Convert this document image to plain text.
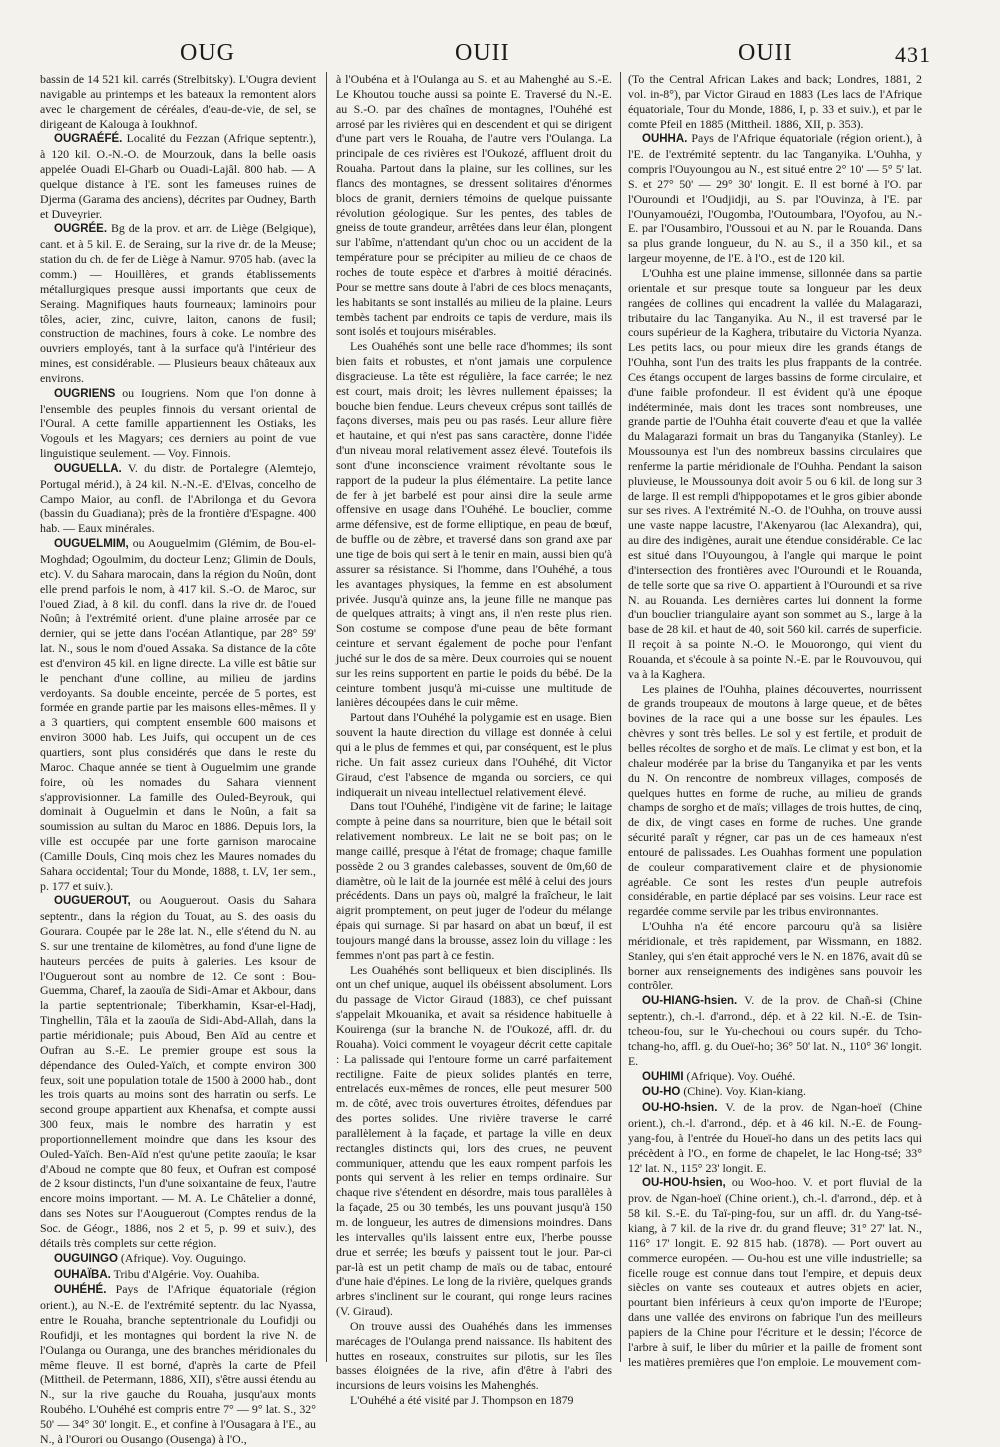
OUG	OUII	OUII	431

bassin de 14 521 kil. carrés (Strelbitsky). L'Ougra devient navigable au printemps et les bateaux la remontent alors avec le chargement de céréales, d'eau-de-vie, de sel, se dirigeant de Kalouga à Ioukhnof.

OUGRAÉFÉ. Localité du Fezzan (Afrique septentr.), à 120 kil. O.-N.-O. de Mourzouk, dans la belle oasis appelée Ouadi El-Gharb ou Ouadi-Lajâl. 800 hab. — A quelque distance à l'E. sont les fameuses ruines de Djerma (Garama des anciens), décrites par Oudney, Barth et Duveyrier.

OUGRÉE. Bg de la prov. et arr. de Liège (Belgique), cant. et à 5 kil. E. de Seraing, sur la rive dr. de la Meuse; station du ch. de fer de Liège à Namur. 9705 hab. (avec la comm.) — Houillères, et grands établissements métallurgiques presque aussi importants que ceux de Seraing. Magnifiques hauts fourneaux; laminoirs pour tôles, acier, zinc, cuivre, laiton, canons de fusil; construction de machines, fours à coke. Le nombre des ouvriers employés, tant à la surface qu'à l'intérieur des mines, est considérable. — Plusieurs beaux châteaux aux environs.

OUGRIENS ou Iougriens. Nom que l'on donne à l'ensemble des peuples finnois du versant oriental de l'Oural. A cette famille appartiennent les Ostiaks, les Vogouls et les Magyars; ces derniers au point de vue linguistique seulement. — Voy. Finnois.

OUGUELLA. V. du distr. de Portalegre (Alemtejo, Portugal mérid.), à 24 kil. N.-N.-E. d'Elvas, concelho de Campo Maior, au confl. de l'Abrilonga et du Gevora (bassin du Guadiana); près de la frontière d'Espagne. 400 hab. — Eaux minérales.

OUGUELMIM, ou Aouguelmim (Glémim, de Bou-el-Moghdad; Ogoulmim, du docteur Lenz; Glimin de Douls, etc). V. du Sahara marocain, dans la région du Noûn, dont elle prend parfois le nom, à 417 kil. S.-O. de Maroc, sur l'oued Ziad, à 8 kil. du confl. dans la rive dr. de l'oued Noûn; à l'extrémité orient. d'une plaine arrosée par ce dernier, qui se jette dans l'océan Atlantique, par 28° 59' lat. N., sous le nom d'oued Assaka. Sa distance de la côte est d'environ 45 kil. en ligne directe. La ville est bâtie sur le penchant d'une colline, au milieu de jardins verdoyants. Sa double enceinte, percée de 5 portes, est formée en grande partie par les maisons elles-mêmes. Il y a 3 quartiers, qui comptent ensemble 600 maisons et environ 3000 hab. Les Juifs, qui occupent un de ces quartiers, sont plus considérés que dans le reste du Maroc. Chaque année se tient à Ouguelmim une grande foire, où les nomades du Sahara viennent s'approvisionner. La famille des Ouled-Beyrouk, qui dominait à Ouguelmin et dans le Noûn, a fait sa soumission au sultan du Maroc en 1886. Depuis lors, la ville est occupée par une forte garnison marocaine (Camille Douls, Cinq mois chez les Maures nomades du Sahara occidental; Tour du Monde, 1888, t. LV, 1er sem., p. 177 et suiv.).

OUGUEROUT, ou Aouguerout. Oasis du Sahara septentr., dans la région du Touat, au S. des oasis du Gourara. Coupée par le 28e lat. N., elle s'étend du N. au S. sur une trentaine de kilomètres, au fond d'une ligne de hauteurs percées de puits à galeries. Les ksour de l'Ouguerout sont au nombre de 12. Ce sont : Bou-Guemma, Charef, la zaouïa de Sidi-Amar et Akbour, dans la partie septentrionale; Tiberkhamin, Ksar-el-Hadj, Tinghellin, Tâla et la zaouïa de Sidi-Abd-Allah, dans la partie méridionale; puis Aboud, Ben Aïd au centre et Oufran au S.-E. Le premier groupe est sous la dépendance des Ouled-Yaïch, et compte environ 300 feux, soit une population totale de 1500 à 2000 hab., dont les trois quarts au moins sont des harratin ou serfs. Le second groupe appartient aux Khenafsa, et compte aussi 300 feux, mais le nombre des harratin y est proportionnellement moindre que dans les ksour des Ouled-Yaïch. Ben-Aïd n'est qu'une petite zaouïa; le ksar d'Aboud ne compte que 80 feux, et Oufran est composé de 2 ksour distincts, l'un d'une soixantaine de feux, l'autre encore moins important. — M. A. Le Châtelier a donné, dans ses Notes sur l'Aouguerout (Comptes rendus de la Soc. de Géogr., 1886, nos 2 et 5, p. 99 et suiv.), des détails très complets sur cette région.

OUGUINGO (Afrique). Voy. Ouguingo.

OUHAÏBA. Tribu d'Algérie. Voy. Ouahiba.

OUHÉHÉ. Pays de l'Afrique équatoriale (région orient.), au N.-E. de l'extrémité septentr. du lac Nyassa, entre le Rouaha, branche septentrionale du Loufidji ou Roufidji, et les montagnes qui bordent la rive N. de l'Oulanga ou Ouranga, une des branches méridionales du même fleuve. Il est borné, d'après la carte de Pfeil (Mittheil. de Petermann, 1886, XII), s'être aussi étendu au N., sur la rive gauche du Rouaha, jusqu'aux monts Roubého. L'Ouhéhé est compris entre 7° — 9° lat. S., 32° 50' — 34° 30' longit. E., et confine à l'Ousagara à l'E., au N., à l'Ourori ou Ousango (Ousenga) à l'O.,

à l'Oubéna et à l'Oulanga au S. et au Mahenghé au S.-E. Le Khoutou touche aussi sa pointe E. Traversé du N.-E. au S.-O. par des chaînes de montagnes, l'Ouhéhé est arrosé par les rivières qui en descendent et qui se dirigent d'une part vers le Rouaha, de l'autre vers l'Oulanga. La principale de ces rivières est l'Oukozé, affluent droit du Rouaha. Partout dans la plaine, sur les collines, sur les flancs des montagnes, se dressent solitaires d'énormes blocs de granit, derniers témoins de quelque puissante révolution géologique. Sur les pentes, des tables de gneiss de toute grandeur, arrêtées dans leur élan, plongent sur l'abîme, n'attendant qu'un choc ou un accident de la température pour se précipiter au milieu de ce chaos de roches de toute espèce et d'arbres à moitié déracinés. Pour se mettre sans doute à l'abri de ces blocs menaçants, les habitants se sont installés au milieu de la plaine. Leurs tembès tachent par endroits ce tapis de verdure, mais ils sont isolés et toujours misérables.

Les Ouahéhés sont une belle race d'hommes; ils sont bien faits et robustes, et n'ont jamais une corpulence disgracieuse. La tête est régulière, la face carrée; le nez est court, mais droit; les lèvres nullement épaisses; la bouche bien fendue. Leurs cheveux crépus sont taillés de façons diverses, mais peu ou pas rasés. Leur allure fière et hautaine, et qui n'est pas sans caractère, donne l'idée d'un niveau moral relativement assez élevé. Toutefois ils sont d'une inconscience vraiment révoltante sous le rapport de la pudeur la plus élémentaire. La petite lance de fer à jet barbelé est pour ainsi dire la seule arme offensive en usage dans l'Ouhéhé. Le bouclier, comme arme défensive, est de forme elliptique, en peau de bœuf, de buffle ou de zèbre, et traversé dans son grand axe par une tige de bois qui sert à le tenir en main, aussi bien qu'à assurer sa résistance. Si l'homme, dans l'Ouhéhé, a tous les avantages physiques, la femme en est absolument privée. Jusqu'à quinze ans, la jeune fille ne manque pas de quelques attraits; à vingt ans, il n'en reste plus rien. Son costume se compose d'une peau de bête formant ceinture et servant également de poche pour l'enfant juché sur le dos de sa mère. Deux courroies qui se nouent sur les reins supportent en partie le poids du bébé. De la ceinture tombent jusqu'à mi-cuisse une multitude de lanières découpées dans le cuir même.

Partout dans l'Ouhéhé la polygamie est en usage. Bien souvent la haute direction du village est donnée à celui qui a le plus de femmes et qui, par conséquent, est le plus riche. Un fait assez curieux dans l'Ouhéhé, dit Victor Giraud, c'est l'absence de mganda ou sorciers, ce qui indiquerait un niveau intellectuel relativement élevé.

Dans tout l'Ouhéhé, l'indigène vit de farine; le laitage compte à peine dans sa nourriture, bien que le bétail soit relativement nombreux. Le lait ne se boit pas; on le mange caillé, presque à l'état de fromage; chaque famille possède 2 ou 3 grandes calebasses, souvent de 0m,60 de diamètre, où le lait de la journée est mêlé à celui des jours précédents. Dans un pays où, malgré la fraîcheur, le lait aigrit promptement, on peut juger de l'odeur du mélange épais qui surnage. Si par hasard on abat un bœuf, il est toujours mangé dans la brousse, assez loin du village : les femmes n'ont pas part à ce festin.

Les Ouahéhés sont belliqueux et bien disciplinés. Ils ont un chef unique, auquel ils obéissent absolument. Lors du passage de Victor Giraud (1883), ce chef puissant s'appelait Mkouanika, et avait sa résidence habituelle à Kouirenga (sur la branche N. de l'Oukozé, affl. dr. du Rouaha). Voici comment le voyageur décrit cette capitale : La palissade qui l'entoure forme un carré parfaitement rectiligne. Faite de pieux solides plantés en terre, entrelacés eux-mêmes de ronces, elle peut mesurer 500 m. de côté, avec trois ouvertures étroites, défendues par des portes solides. Une rivière traverse le carré parallèlement à la façade, et partage la ville en deux rectangles distincts qui, lors des crues, ne peuvent communiquer, attendu que les eaux rompent parfois les ponts qui servent à les relier en temps ordinaire. Sur chaque rive s'étendent en désordre, mais tous parallèles à la façade, 25 ou 30 tembés, les uns pouvant jusqu'à 150 m. de longueur, les autres de dimensions moindres. Dans les intervalles qu'ils laissent entre eux, l'herbe pousse drue et serrée; les bœufs y paissent tout le jour. Par-ci par-là est un petit champ de maïs ou de tabac, entouré d'une haie d'épines. Le long de la rivière, quelques grands arbres s'inclinent sur le courant, qui ronge leurs racines (V. Giraud).

On trouve aussi des Ouahéhés dans les immenses marécages de l'Oulanga prend naissance. Ils habitent des huttes en roseaux, construites sur pilotis, sur les îles basses éloignées de la rive, afin d'être à l'abri des incursions de leurs voisins les Mahenghés.

L'Ouhéhé a été visité par J. Thompson en 1879

(To the Central African Lakes and back; Londres, 1881, 2 vol. in-8°), par Victor Giraud en 1883 (Les lacs de l'Afrique équatoriale, Tour du Monde, 1886, I, p. 33 et suiv.), et par le comte Pfeil en 1885 (Mittheil. 1886, XII, p. 353).

OUHHA. Pays de l'Afrique équatoriale (région orient.), à l'E. de l'extrémité septentr. du lac Tanganyika. L'Ouhha, y compris l'Ouyoungou au N., est situé entre 2° 10' — 5° 5' lat. S. et 27° 50' — 29° 30' longit. E. Il est borné à l'O. par l'Ouroundi et l'Oudjidji, au S. par l'Ouvinza, à l'E. par l'Ounyamouézi, l'Ougomba, l'Outoumbara, l'Oyofou, au N.-E. par l'Ousambiro, l'Oussoui et au N. par le Rouanda. Dans sa plus grande longueur, du N. au S., il a 350 kil., et sa largeur moyenne, de l'E. à l'O., est de 120 kil.

L'Ouhha est une plaine immense, sillonnée dans sa partie orientale et sur presque toute sa longueur par les deux rangées de collines qui encadrent la vallée du Malagarazi, tributaire du lac Tanganyika. Au N., il est traversé par le cours supérieur de la Kaghera, tributaire du Victoria Nyanza. Les petits lacs, ou pour mieux dire les grands étangs de l'Ouhha, sont l'un des traits les plus frappants de la contrée. Ces étangs occupent de larges bassins de forme circulaire, et d'une faible profondeur. Il est évident qu'à une époque indéterminée, mais dont les traces sont nombreuses, une grande partie de l'Ouhha était couverte d'eau et que la vallée du Malagarazi formait un bras du Tanganyika (Stanley). Le Moussounya est l'un des nombreux bassins circulaires que renferme la partie méridionale de l'Ouhha. Pendant la saison pluvieuse, le Moussounya doit avoir 5 ou 6 kil. de long sur 3 de large. Il est rempli d'hippopotames et le gros gibier abonde sur ses rives. A l'extrémité N.-O. de l'Ouhha, on trouve aussi une vaste nappe lacustre, l'Akenyarou (lac Alexandra), qui, au dire des indigènes, aurait une étendue considérable. Ce lac est situé dans l'Ouyoungou, à l'angle qui marque le point d'intersection des frontières avec l'Ouroundi et le Rouanda, de telle sorte que sa rive O. appartient à l'Ouroundi et sa rive N. au Rouanda. Les dernières cartes lui donnent la forme d'un bouclier triangulaire ayant son sommet au S., large à la base de 28 kil. et haut de 40, soit 560 kil. carrés de superficie. Il reçoit à sa pointe N.-O. le Mouorongo, qui vient du Rouanda, et s'écoule à sa pointe N.-E. par le Rouvouvou, qui va à la Kaghera.

Les plaines de l'Ouhha, plaines découvertes, nourrissent de grands troupeaux de moutons à large queue, et de bêtes bovines de la race qui a une bosse sur les épaules. Les chèvres y sont très belles. Le sol y est fertile, et produit de belles récoltes de sorgho et de maïs. Le climat y est bon, et la chaleur modérée par la brise du Tanganyika et par les vents du N. On rencontre de nombreux villages, composés de quelques huttes en forme de ruche, au milieu de grands champs de sorgho et de maïs; villages de trois huttes, de cinq, de dix, de vingt cases en forme de ruches. Une grande sécurité paraît y régner, car pas un de ces hameaux n'est entouré de palissades. Les Ouahhas forment une population de couleur comparativement claire et de physionomie agréable. Ce sont les restes d'un peuple autrefois considérable, en partie déplacé par ses voisins. Leur race est regardée comme servile par les tribus environnantes.

L'Ouhha n'a été encore parcouru qu'à sa lisière méridionale, et très rapidement, par Wissmann, en 1882. Stanley, qui s'en était approché vers le N. en 1876, avait dû se borner aux renseignements des indigènes sans pouvoir les contrôler.

OU-HIANG-hsien. V. de la prov. de Chañ-si (Chine septentr.), ch.-l. d'arrond., dép. et à 22 kil. N.-E. de Tsin-tcheou-fou, sur le Yu-chechoui ou cours supér. du Tcho-tchang-ho, affl. g. du Oueï-ho; 36° 50' lat. N., 110° 36' longit. E.

OUHIMI (Afrique). Voy. Ouéhé.

OU-HO (Chine). Voy. Kian-kiang.

OU-HO-hsien. V. de la prov. de Ngan-hoeï (Chine orient.), ch.-l. d'arrond., dép. et à 46 kil. N.-E. de Foung-yang-fou, à l'entrée du Houeï-ho dans un des petits lacs qui précèdent à l'O., en forme de chapelet, le lac Hong-tsé; 33° 12' lat. N., 115° 23' longit. E.

OU-HOU-hsien, ou Woo-hoo. V. et port fluvial de la prov. de Ngan-hoeï (Chine orient.), ch.-l. d'arrond., dép. et à 58 kil. S.-E. du Taï-ping-fou, sur un affl. dr. du Yang-tsé-kiang, à 7 kil. de la rive dr. du grand fleuve; 31° 27' lat. N., 116° 17' longit. E. 92 815 hab. (1878). — Port ouvert au commerce européen. — Ou-hou est une ville industrielle; sa ficelle rouge est connue dans tout l'empire, et depuis deux siècles on vante ses couteaux et autres objets en acier, pourtant bien inférieurs à ceux qu'on importe de l'Europe; dans une vallée des environs on fabrique l'un des meilleurs papiers de la Chine pour l'écriture et le dessin; l'écorce de l'arbre à suif, le liber du mûrier et la paille de froment sont les matières premières que l'on emploie. Le mouvement com-
